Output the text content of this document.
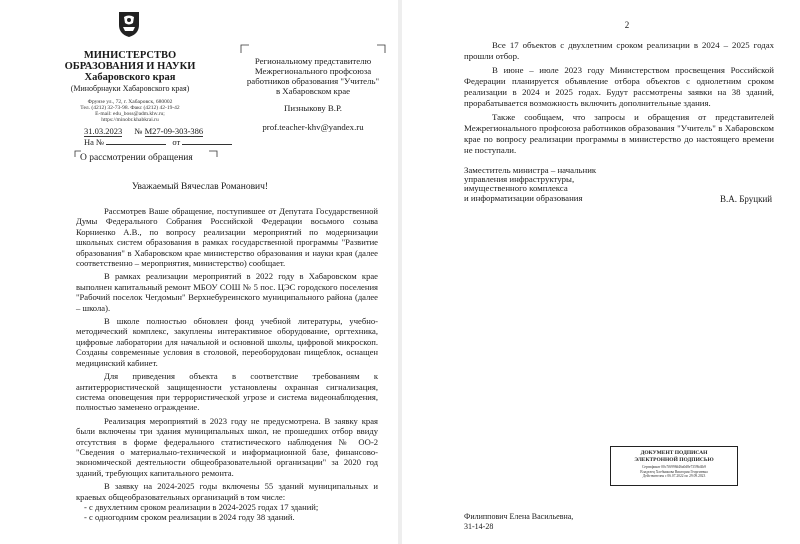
МИНИСТЕРСТВО
ОБРАЗОВАНИЯ И НАУКИ
Хабаровского края
(Минобрнауки Хабаровского края)
Фрунзе ул., 72, г. Хабаровск, 680002
Тел. (4212) 32-73-98. Факс (4212) 42-19-42
E-mail: edu_boss@adm.khv.ru;
https://minobr.khabkrai.ru
31.03.2023 № М27-09-303-386
На №	от
О рассмотрении обращения
Региональному представителю
Межрегионального профсоюза
работников образования "Учитель"
в Хабаровском крае
Пизныкову В.Р.
prof.teacher-khv@yandex.ru
Уважаемый Вячеслав Романович!

Рассмотрев Ваше обращение, поступившее от Депутата Государственной Думы Федерального Собрания Российской Федерации восьмого созыва Корниенко А.В., по вопросу реализации мероприятий по модернизации школьных систем образования в рамках государственной программы "Развитие образования" в Хабаровском крае министерство образования и науки края (далее соответственно – мероприятия, министерство) сообщает.

В рамках реализации мероприятий в 2022 году в Хабаровском крае выполнен капитальный ремонт МБОУ СОШ № 5 пос. ЦЭС городского поселения "Рабочий поселок Чегдомын" Верхнебуреинского муниципального района (далее – школа).

В школе полностью обновлен фонд учебной литературы, учебно-методический комплекс, закуплены интерактивное оборудование, оргтехника, цифровые лаборатории для начальной и основной школы, цифровой микроскоп. Созданы современные условия в столовой, переоборудован пищеблок, оснащен медицинский кабинет.

Для приведения объекта в соответствие требованиям к антитеррористической защищенности установлены охранная сигнализация, система оповещения при террористической угрозе и система видеонаблюдения, полностью заменено ограждение.

Реализация мероприятий в 2023 году не предусмотрена. В заявку края были включены три здания муниципальных школ, не прошедших отбор ввиду отсутствия в форме федерального статистического наблюдения № ОО-2 "Сведения о материально-технической и информационной базе, финансово-экономической деятельности общеобразовательной организации" за 2020 год зданий, требующих капитального ремонта.

В заявку на 2024-2025 годы включены 55 зданий муниципальных и краевых общеобразовательных организаций в том числе:

- с двухлетним сроком реализации в 2024-2025 годах 17 зданий;
- с одногодним сроком реализации в 2024 году 38 зданий.
2

Все 17 объектов с двухлетним сроком реализации в 2024 – 2025 годах прошли отбор.

В июне – июле 2023 году Министерством просвещения Российской Федерации планируется объявление отбора объектов с однолетним сроком реализации в 2024 и 2025 годах. Будут рассмотрены заявки на 38 зданий, прорабатывается возможность включить дополнительные здания.

Также сообщаем, что запросы и обращения от представителей Межрегионального профсоюза работников образования "Учитель" в Хабаровском крае по вопросу реализации программы в министерство до настоящего времени не поступали.

Заместитель министра – начальник
управления инфраструктуры,
имущественного комплекса
и информатизации образования	В.А. Бруцкий
Филиппович Елена Васильевна,
31-14-28
ДОКУМЕНТ ПОДПИСАН
ЭЛЕКТРОННОЙ ПОДПИСЬЮ
Сертификат 00c7f6998d46a0d8e7359bf4b9
Владелец Хлебникова Виктория Георгиевна
Действителен с 06.07.2022 по 29.09.2023
